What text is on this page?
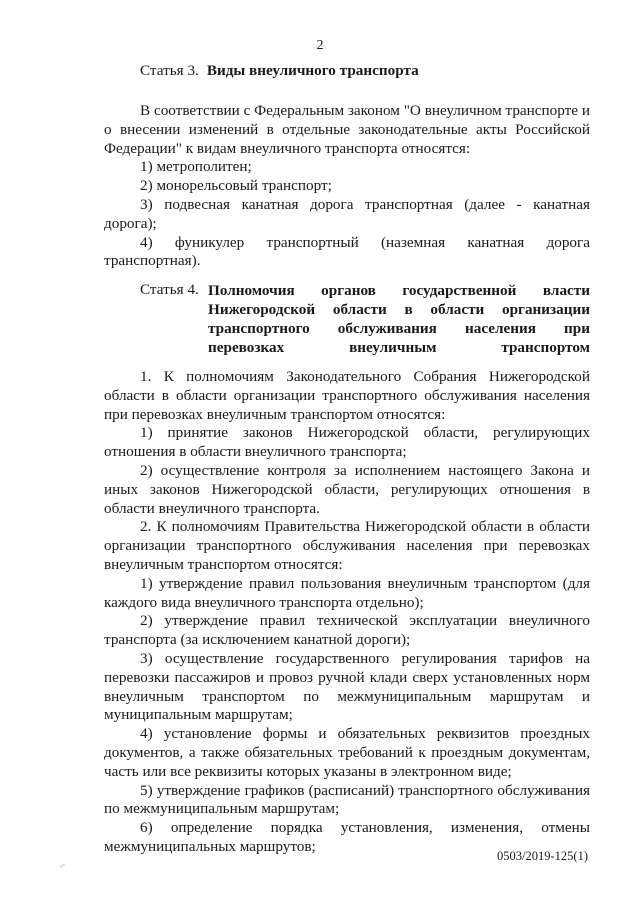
2
Статья 3. Виды внеуличного транспорта

В соответствии с Федеральным законом "О внеуличном транспорте и о внесении изменений в отдельные законодательные акты Российской Федерации" к видам внеуличного транспорта относятся:

1) метрополитен;

2) монорельсовый транспорт;

3) подвесная канатная дорога транспортная (далее - канатная дорога);

4) фуникулер транспортный (наземная канатная дорога транспортная).

Статья 4. Полномочия органов государственной власти Нижегородской области в области организации транспортного обслуживания населения при перевозках внеуличным транспортом

1. К полномочиям Законодательного Собрания Нижегородской области в области организации транспортного обслуживания населения при перевозках внеуличным транспортом относятся:

1) принятие законов Нижегородской области, регулирующих отношения в области внеуличного транспорта;

2) осуществление контроля за исполнением настоящего Закона и иных законов Нижегородской области, регулирующих отношения в области внеуличного транспорта.

2. К полномочиям Правительства Нижегородской области в области организации транспортного обслуживания населения при перевозках внеуличным транспортом относятся:

1) утверждение правил пользования внеуличным транспортом (для каждого вида внеуличного транспорта отдельно);

2) утверждение правил технической эксплуатации внеуличного транспорта (за исключением канатной дороги);

3) осуществление государственного регулирования тарифов на перевозки пассажиров и провоз ручной клади сверх установленных норм внеуличным транспортом по межмуниципальным маршрутам и муниципальным маршрутам;

4) установление формы и обязательных реквизитов проездных документов, а также обязательных требований к проездным документам, часть или все реквизиты которых указаны в электронном виде;

5) утверждение графиков (расписаний) транспортного обслуживания по межмуниципальным маршрутам;

6) определение порядка установления, изменения, отмены межмуниципальных маршрутов;

0503/2019-125(1)
